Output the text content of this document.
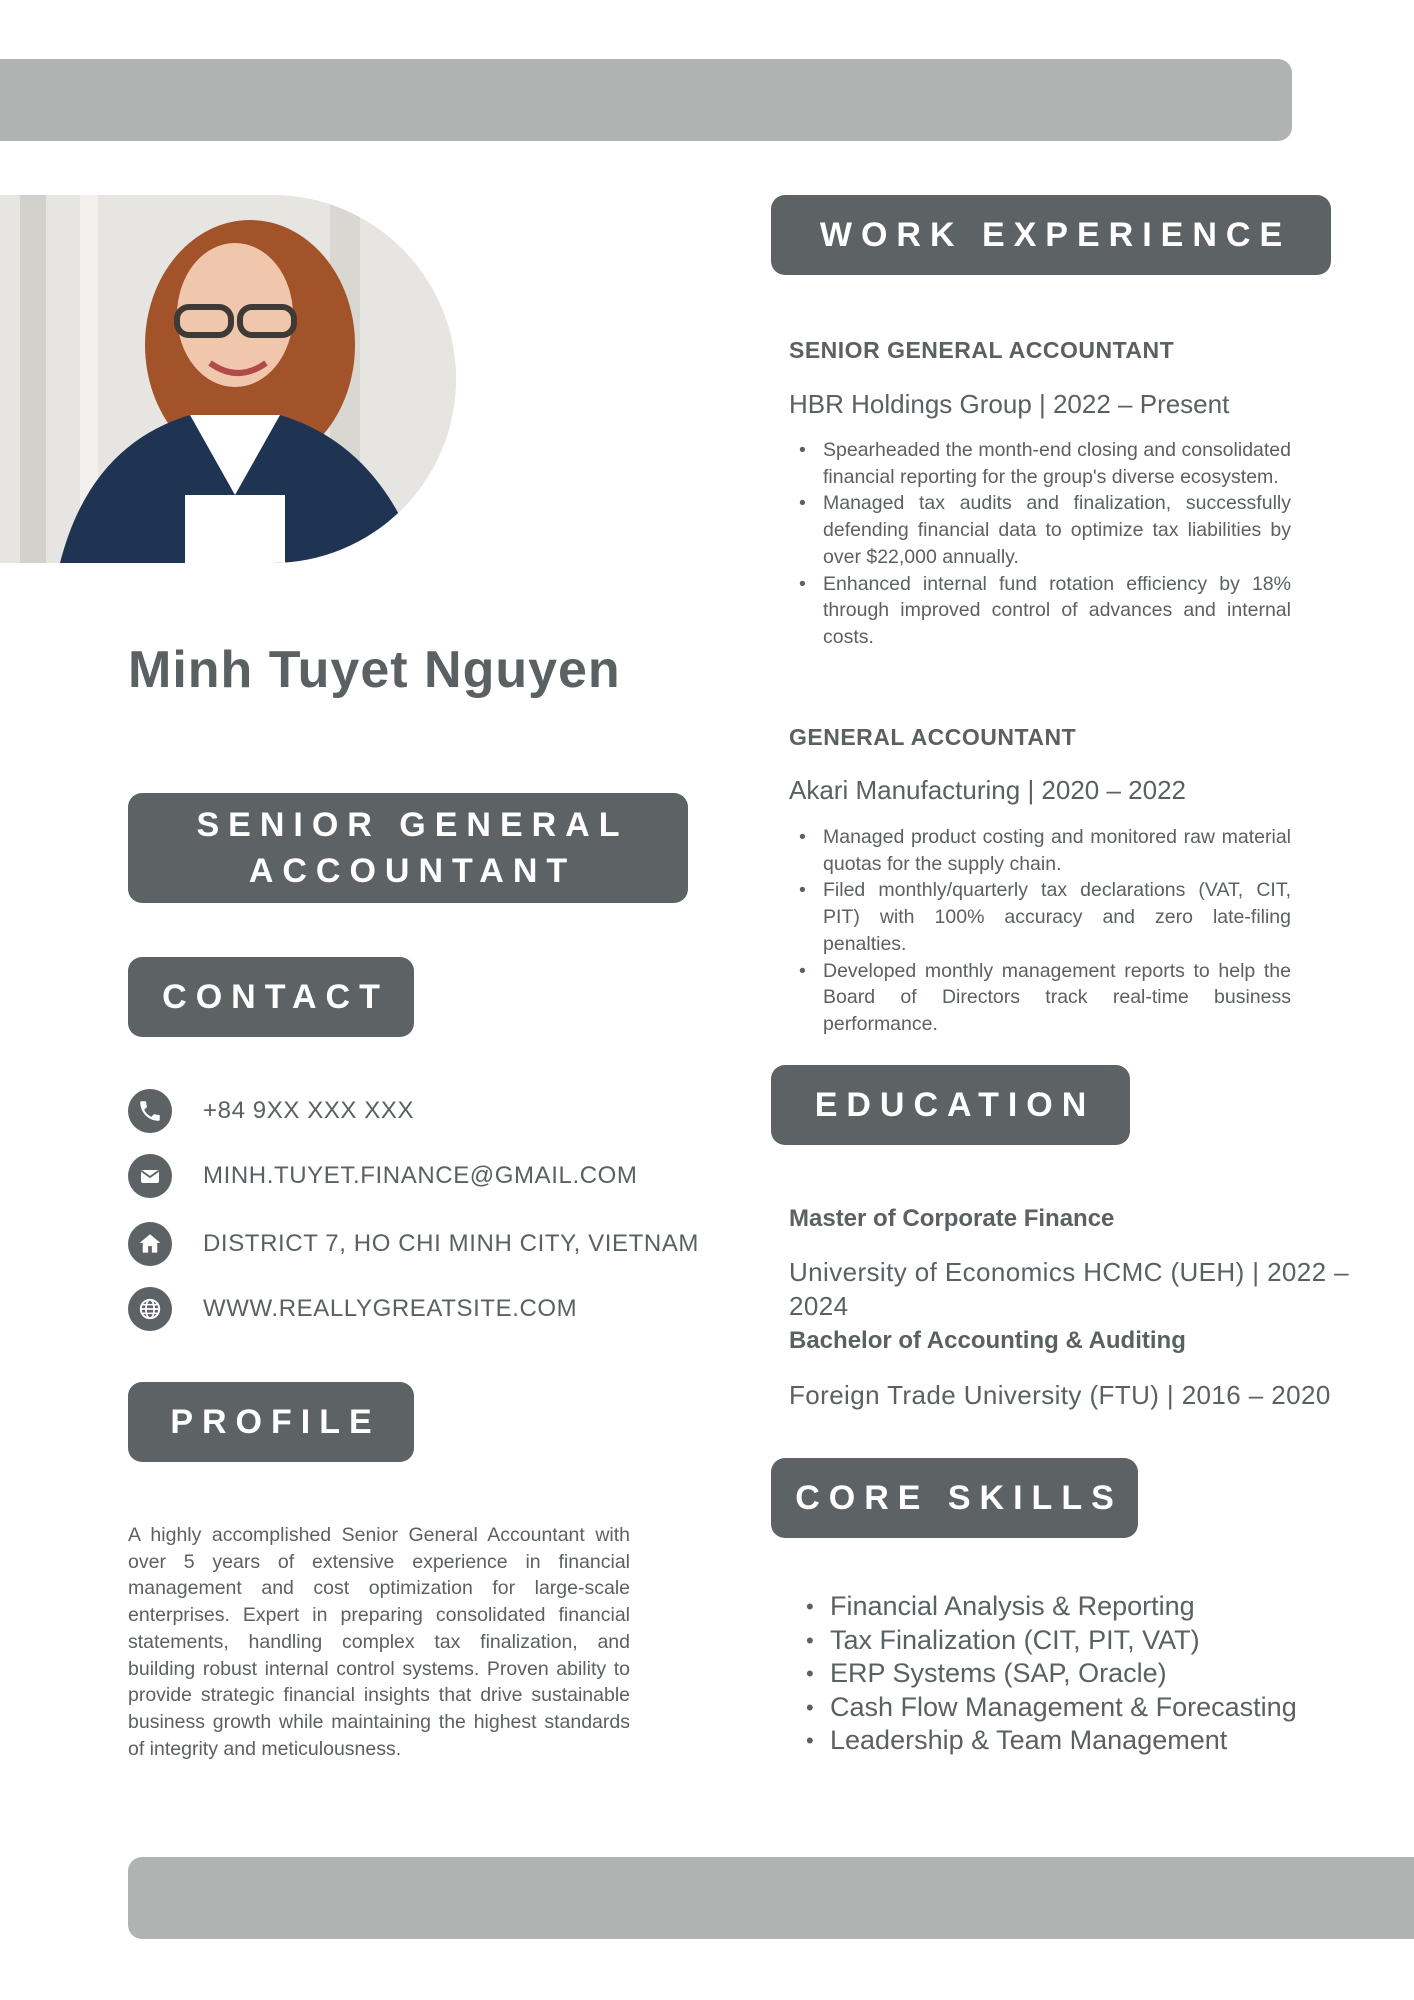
Minh Tuyet Nguyen
SENIOR GENERAL ACCOUNTANT
CONTACT
+84 9XX XXX XXX
MINH.TUYET.FINANCE@GMAIL.COM
DISTRICT 7, HO CHI MINH CITY, VIETNAM
WWW.REALLYGREATSITE.COM
PROFILE

A highly accomplished Senior General Accountant with over 5 years of extensive experience in financial management and cost optimization for large-scale enterprises. Expert in preparing consolidated financial statements, handling complex tax finalization, and building robust internal control systems. Proven ability to provide strategic financial insights that drive sustainable business growth while maintaining the highest standards of integrity and meticulousness.

WORK EXPERIENCE
SENIOR GENERAL ACCOUNTANT

HBR Holdings Group | 2022 – Present

• Spearheaded the month-end closing and consolidated financial reporting for the group's diverse ecosystem.
• Managed tax audits and finalization, successfully defending financial data to optimize tax liabilities by over $22,000 annually.
• Enhanced internal fund rotation efficiency by 18% through improved control of advances and internal costs.
GENERAL ACCOUNTANT

Akari Manufacturing | 2020 – 2022

• Managed product costing and monitored raw material quotas for the supply chain.
• Filed monthly/quarterly tax declarations (VAT, CIT, PIT) with 100% accuracy and zero late-filing penalties.
• Developed monthly management reports to help the Board of Directors track real-time business performance.
EDUCATION
Master of Corporate Finance

University of Economics HCMC (UEH) | 2022 – 2024

Bachelor of Accounting & Auditing

Foreign Trade University (FTU) | 2016 – 2020

CORE SKILLS
• Financial Analysis & Reporting
• Tax Finalization (CIT, PIT, VAT)
• ERP Systems (SAP, Oracle)
• Cash Flow Management & Forecasting
• Leadership & Team Management
